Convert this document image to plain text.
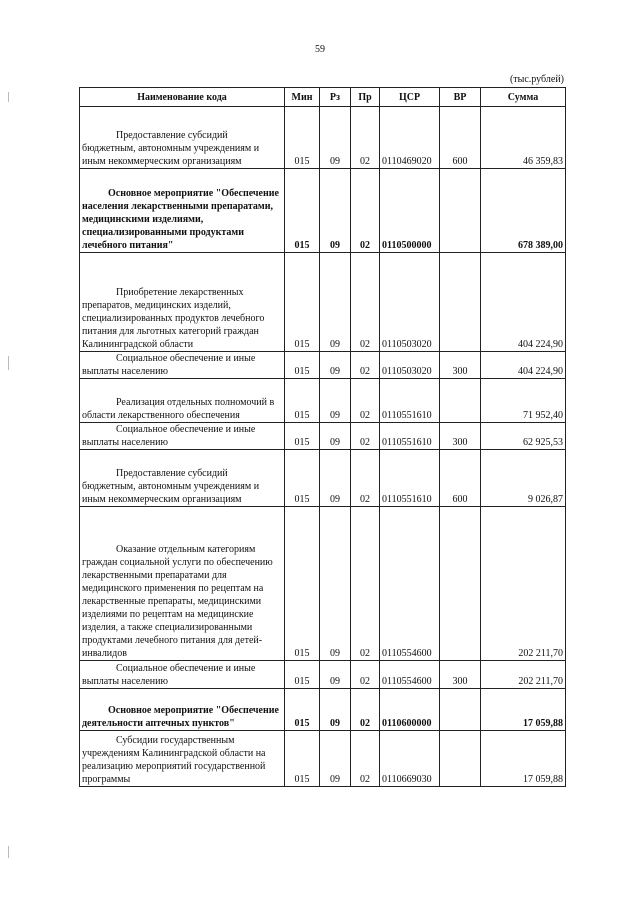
59
(тыс.рублей)
Наименование кода	Мин	Рз	Пр	ЦСР	ВР	Сумма
Предоставление субсидий бюджетным, автономным учреждениям и иным некоммерческим организациям	015	09	02	0110469020	600	46 359,83
Основное мероприятие "Обеспечение населения лекарственными препаратами, медицинскими изделиями, специализированными продуктами лечебного питания"	015	09	02	0110500000		678 389,00
Приобретение лекарственных препаратов, медицинских изделий, специализированных продуктов лечебного питания для льготных категорий граждан Калининградской области	015	09	02	0110503020		404 224,90
Социальное обеспечение и иные выплаты населению	015	09	02	0110503020	300	404 224,90
Реализация отдельных полномочий в области лекарственного обеспечения	015	09	02	0110551610		71 952,40
Социальное обеспечение и иные выплаты населению	015	09	02	0110551610	300	62 925,53
Предоставление субсидий бюджетным, автономным учреждениям и иным некоммерческим организациям	015	09	02	0110551610	600	9 026,87
Оказание отдельным категориям граждан социальной услуги по обеспечению лекарственными препаратами для медицинского применения по рецептам на лекарственные препараты, медицинскими изделиями по рецептам на медицинские изделия, а также специализированными продуктами лечебного питания для детей-инвалидов	015	09	02	0110554600		202 211,70
Социальное обеспечение и иные выплаты населению	015	09	02	0110554600	300	202 211,70
Основное мероприятие "Обеспечение деятельности аптечных пунктов"	015	09	02	0110600000		17 059,88
Субсидии государственным учреждениям Калининградской области на реализацию мероприятий государственной программы	015	09	02	0110669030		17 059,88
